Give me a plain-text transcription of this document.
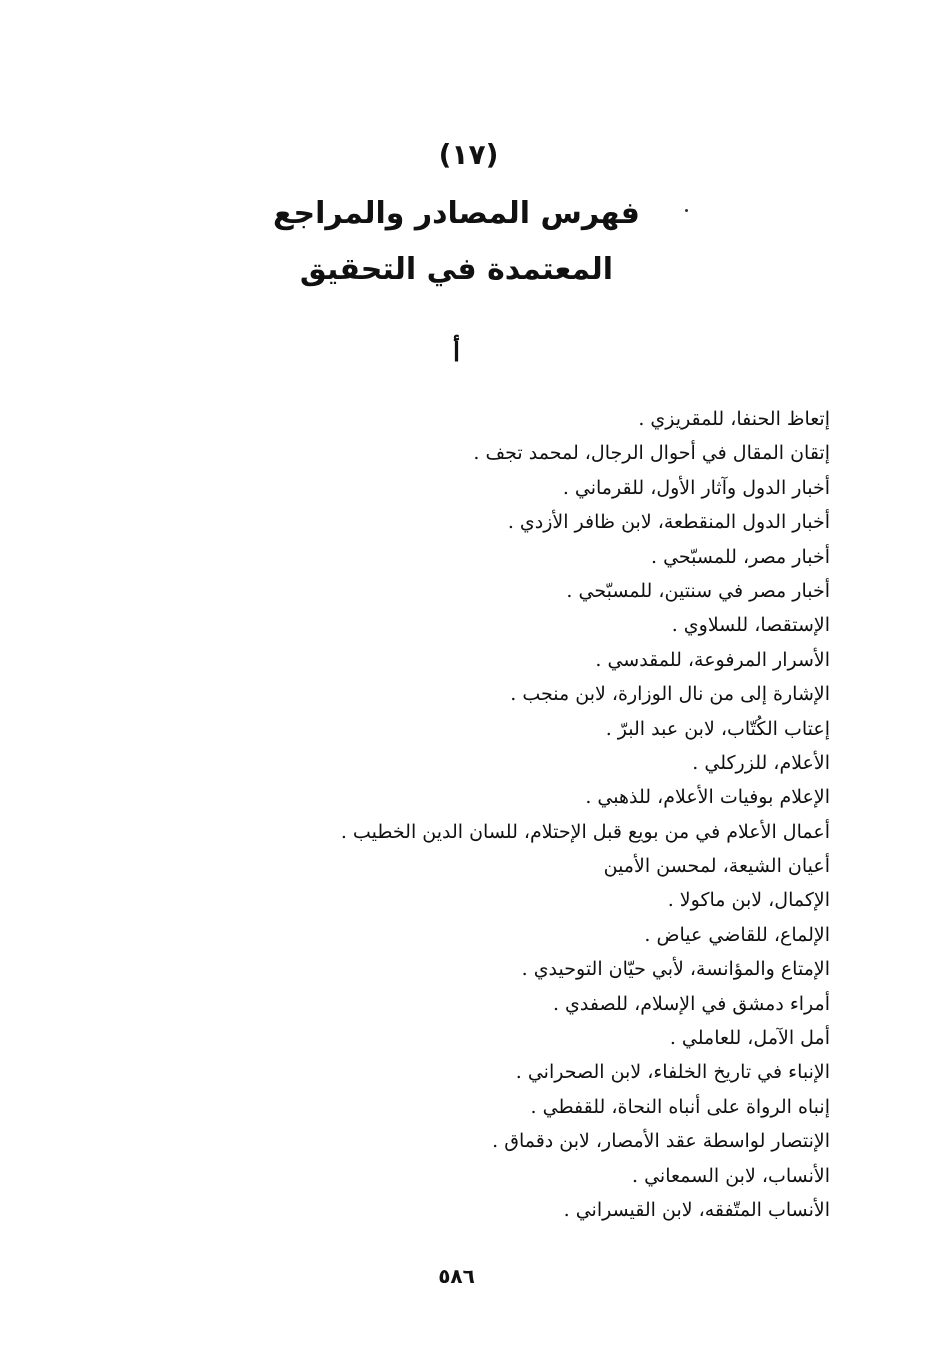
(١٧)
فهرس المصادر والمراجع
المعتمدة في التحقيق
أ
إتعاظ الحنفا، للمقريزي .
إتقان المقال في أحوال الرجال، لمحمد تجف .
أخبار الدول وآثار الأول، للقرماني .
أخبار الدول المنقطعة، لابن ظافر الأزدي .
أخبار مصر، للمسبّحي .
أخبار مصر في سنتين، للمسبّحي .
الإستقصا، للسلاوي .
الأسرار المرفوعة، للمقدسي .
الإشارة إلى من نال الوزارة، لابن منجب .
إعتاب الكُتّاب، لابن عبد البرّ .
الأعلام، للزركلي .
الإعلام بوفيات الأعلام، للذهبي .
أعمال الأعلام في من بويع قبل الإحتلام، للسان الدين الخطيب .
أعيان الشيعة، لمحسن الأمين
الإكمال، لابن ماكولا .
الإلماع، للقاضي عياض .
الإمتاع والمؤانسة، لأبي حيّان التوحيدي .
أمراء دمشق في الإسلام، للصفدي .
أمل الآمل، للعاملي .
الإنباء في تاريخ الخلفاء، لابن الصحراني .
إنباه الرواة على أنباه النحاة، للقفطي .
الإنتصار لواسطة عقد الأمصار، لابن دقماق .
الأنساب، لابن السمعاني .
الأنساب المتّفقه، لابن القيسراني .
٥٨٦
